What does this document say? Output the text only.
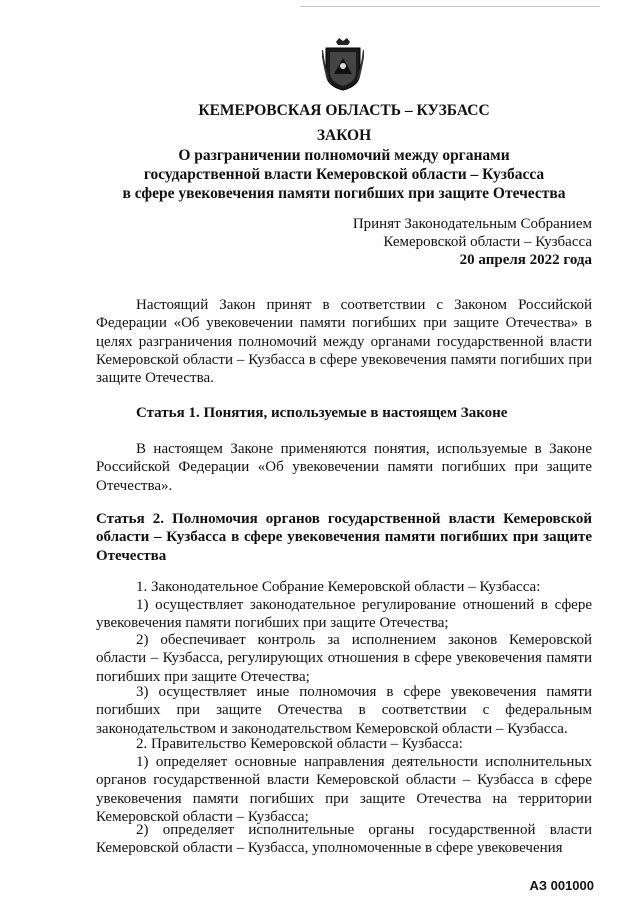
КЕМЕРОВСКАЯ ОБЛАСТЬ – КУЗБАСС
ЗАКОН
О разграничении полномочий между органами
государственной власти Кемеровской области – Кузбасса
в сфере увековечения памяти погибших при защите Отечества
Принят Законодательным Собранием
Кемеровской области – Кузбасса
20 апреля 2022 года

Настоящий Закон принят в соответствии с Законом Российской Федерации «Об увековечении памяти погибших при защите Отечества» в целях разграничения полномочий между органами государственной власти Кемеровской области – Кузбасса в сфере увековечения памяти погибших при защите Отечества.

Статья 1. Понятия, используемые в настоящем Законе

В настоящем Законе применяются понятия, используемые в Законе Российской Федерации «Об увековечении памяти погибших при защите Отечества».

Статья 2. Полномочия органов государственной власти Кемеровской области – Кузбасса в сфере увековечения памяти погибших при защите Отечества

1. Законодательное Собрание Кемеровской области – Кузбасса:

1) осуществляет законодательное регулирование отношений в сфере увековечения памяти погибших при защите Отечества;

2) обеспечивает контроль за исполнением законов Кемеровской области – Кузбасса, регулирующих отношения в сфере увековечения памяти погибших при защите Отечества;

3) осуществляет иные полномочия в сфере увековечения памяти погибших при защите Отечества в соответствии с федеральным законодательством и законодательством Кемеровской области – Кузбасса.

2. Правительство Кемеровской области – Кузбасса:

1) определяет основные направления деятельности исполнительных органов государственной власти Кемеровской области – Кузбасса в сфере увековечения памяти погибших при защите Отечества на территории Кемеровской области – Кузбасса;

2) определяет исполнительные органы государственной власти Кемеровской области – Кузбасса, уполномоченные в сфере увековечения

АЗ 001000
